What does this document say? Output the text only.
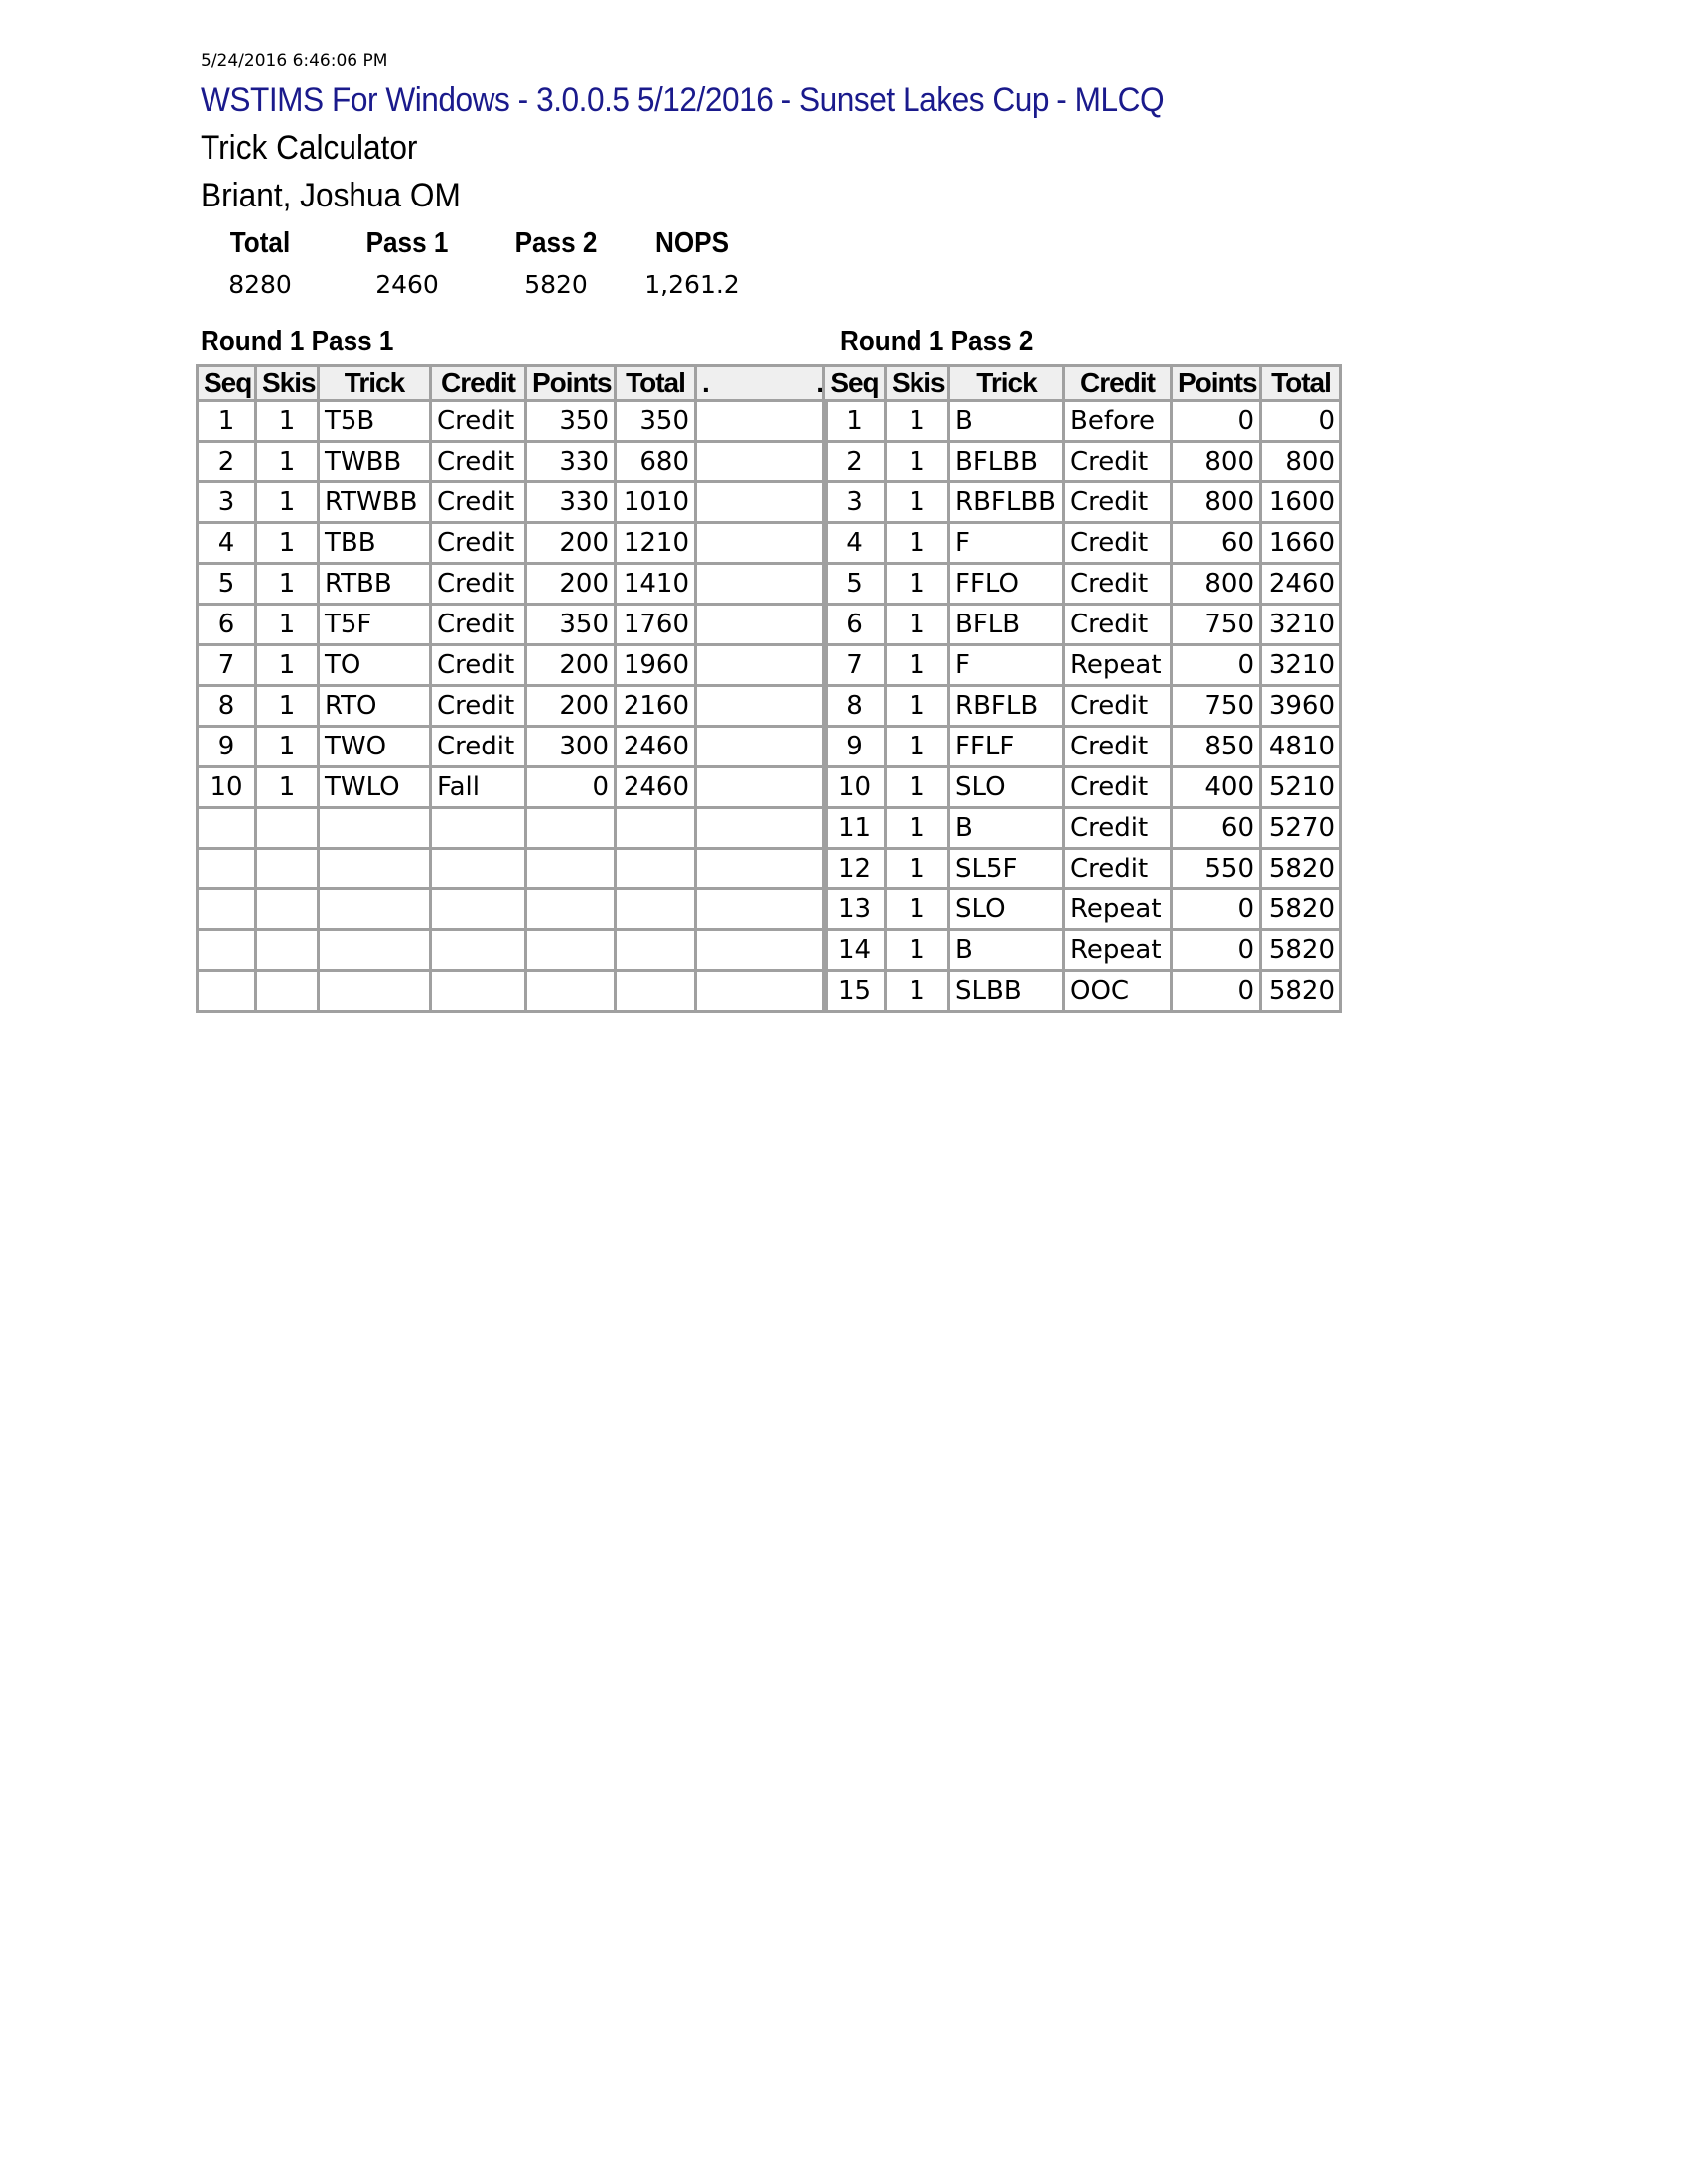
5/24/2016 6:46:06 PM
WSTIMS For Windows - 3.0.0.5 5/12/2016 - Sunset Lakes Cup - MLCQ
Trick Calculator
Briant, Joshua OM
Total	Pass 1	Pass 2	NOPS
8280	2460	5820	1,261.2
Round 1 Pass 1	Round 1 Pass 2
Seq	Skis	Trick	Credit	Points	Total	. .

1	1	T5B	Credit	350	350	
2	1	TWBB	Credit	330	680	
3	1	RTWBB	Credit	330	1010	
4	1	TBB	Credit	200	1210	
5	1	RTBB	Credit	200	1410	
6	1	T5F	Credit	350	1760	
7	1	TO	Credit	200	1960	
8	1	RTO	Credit	200	2160	
9	1	TWO	Credit	300	2460	
10	1	TWLO	Fall	0	2460	

Seq	Skis	Trick	Credit	Points	Total
1	1	B	Before	0	0
2	1	BFLBB	Credit	800	800
3	1	RBFLBB	Credit	800	1600
4	1	F	Credit	60	1660
5	1	FFLO	Credit	800	2460
6	1	BFLB	Credit	750	3210
7	1	F	Repeat	0	3210
8	1	RBFLB	Credit	750	3960
9	1	FFLF	Credit	850	4810
10	1	SLO	Credit	400	5210
11	1	B	Credit	60	5270
12	1	SL5F	Credit	550	5820
13	1	SLO	Repeat	0	5820
14	1	B	Repeat	0	5820
15	1	SLBB	OOC	0	5820
